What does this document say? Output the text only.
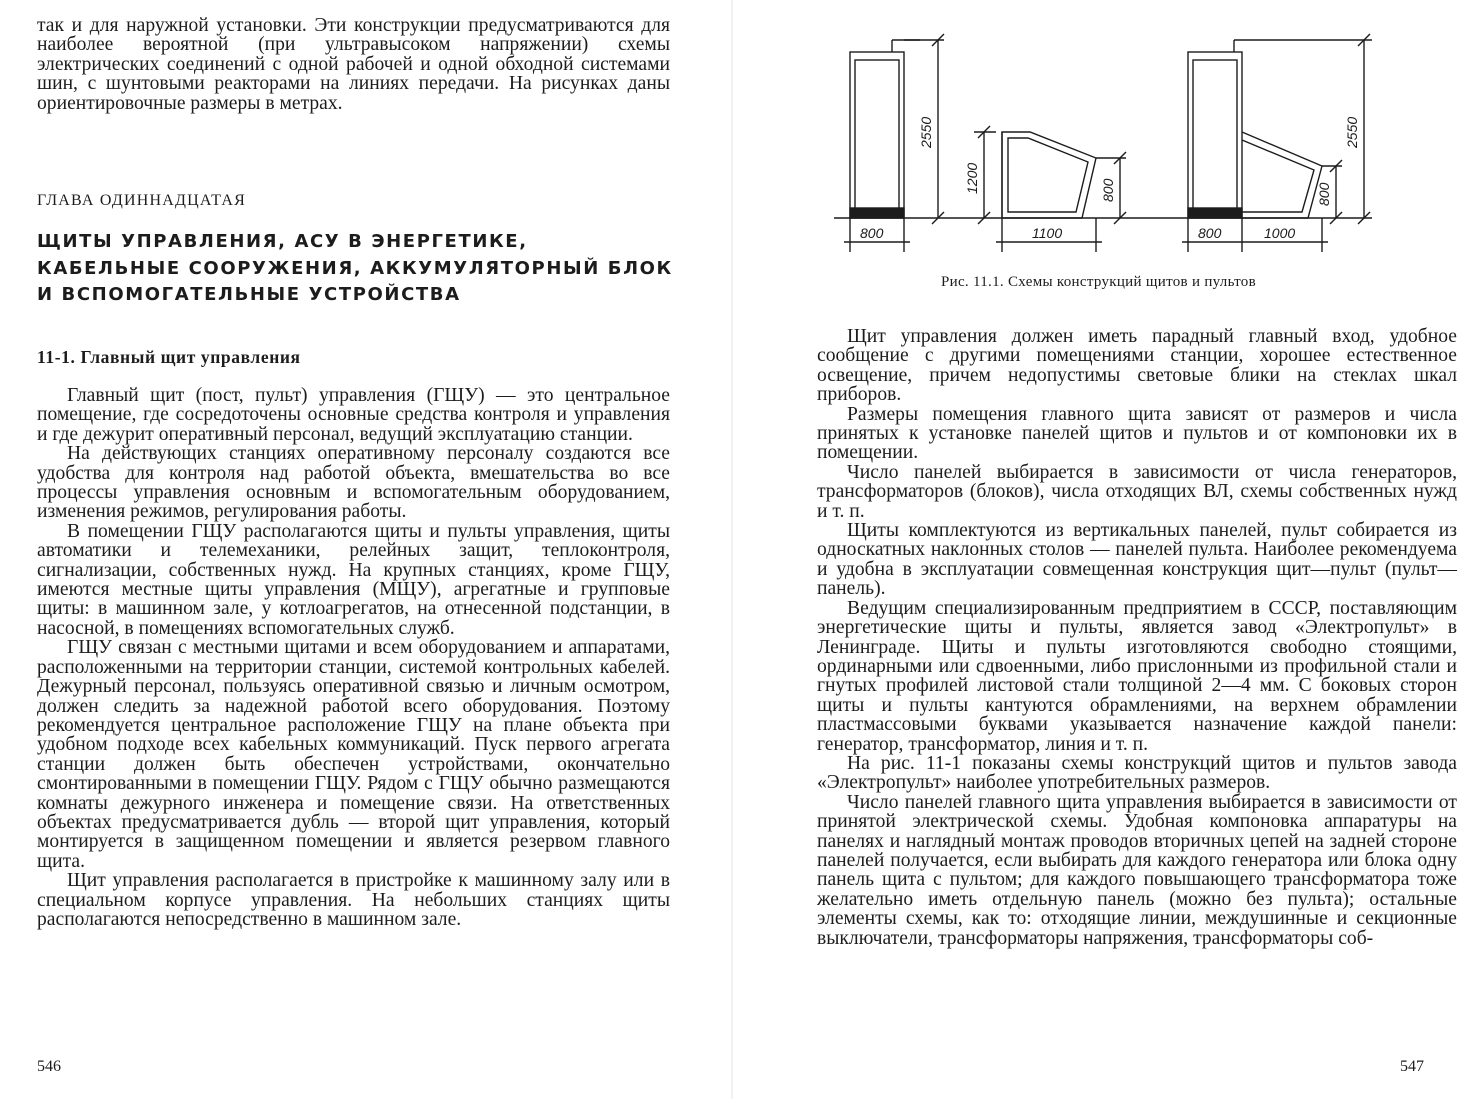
так и для наружной установки. Эти конструкции предусматриваются для наиболее вероятной (при ультравысоком напряжении) схемы электрических соединений с одной рабочей и одной обходной системами шин, с шунтовыми реакторами на линиях передачи. На рисунках даны ориентировочные размеры в метрах.

ГЛАВА ОДИННАДЦАТАЯ
ЩИТЫ УПРАВЛЕНИЯ, АСУ В ЭНЕРГЕТИКЕ, КАБЕЛЬНЫЕ СООРУЖЕНИЯ, АККУМУЛЯТОРНЫЙ БЛОК И ВСПОМОГАТЕЛЬНЫЕ УСТРОЙСТВА
11-1. Главный щит управления

Главный щит (пост, пульт) управления (ГЩУ) — это центральное помещение, где сосредоточены основные средства контроля и управления и где дежурит оперативный персонал, ведущий эксплуатацию станции.

На действующих станциях оперативному персоналу создаются все удобства для контроля над работой объекта, вмешательства во все процессы управления основным и вспомогательным оборудованием, изменения режимов, регулирования работы.

В помещении ГЩУ располагаются щиты и пульты управления, щиты автоматики и телемеханики, релейных защит, теплоконтроля, сигнализации, собственных нужд. На крупных станциях, кроме ГЩУ, имеются местные щиты управления (МЩУ), агрегатные и групповые щиты: в машинном зале, у котлоагрегатов, на отнесенной подстанции, в насосной, в помещениях вспомогательных служб.

ГЩУ связан с местными щитами и всем оборудованием и аппаратами, расположенными на территории станции, системой контрольных кабелей. Дежурный персонал, пользуясь оперативной связью и личным осмотром, должен следить за надежной работой всего оборудования. Поэтому рекомендуется центральное расположение ГЩУ на плане объекта при удобном подходе всех кабельных коммуникаций. Пуск первого агрегата станции должен быть обеспечен устройствами, окончательно смонтированными в помещении ГЩУ. Рядом с ГЩУ обычно размещаются комнаты дежурного инженера и помещение связи. На ответственных объектах предусматривается дубль — второй щит управления, который монтируется в защищенном помещении и является резервом главного щита.

Щит управления располагается в пристройке к машинному залу или в специальном корпусе управления. На небольших станциях щиты располагаются непосредственно в машинном зале.

546
800
2550
1200	800
1100
2550
800
800	1000
Рис. 11.1. Схемы конструкций щитов и пультов

Щит управления должен иметь парадный главный вход, удобное сообщение с другими помещениями станции, хорошее естественное освещение, причем недопустимы световые блики на стеклах шкал приборов.

Размеры помещения главного щита зависят от размеров и числа принятых к установке панелей щитов и пультов и от компоновки их в помещении.

Число панелей выбирается в зависимости от числа генераторов, трансформаторов (блоков), числа отходящих ВЛ, схемы собственных нужд и т. п.

Щиты комплектуются из вертикальных панелей, пульт собирается из односкатных наклонных столов — панелей пульта. Наиболее рекомендуема и удобна в эксплуатации совмещенная конструкция щит—пульт (пульт—панель).

Ведущим специализированным предприятием в СССР, поставляющим энергетические щиты и пульты, является завод «Электропульт» в Ленинграде. Щиты и пульты изготовляются свободно стоящими, ординарными или сдвоенными, либо прислонными из профильной стали и гнутых профилей листовой стали толщиной 2—4 мм. С боковых сторон щиты и пульты кантуются обрамлениями, на верхнем обрамлении пластмассовыми буквами указывается назначение каждой панели: генератор, трансформатор, линия и т. п.

На рис. 11-1 показаны схемы конструкций щитов и пультов завода «Электропульт» наиболее употребительных размеров.

Число панелей главного щита управления выбирается в зависимости от принятой электрической схемы. Удобная компоновка аппаратуры на панелях и наглядный монтаж проводов вторичных цепей на задней стороне панелей получается, если выбирать для каждого генератора или блока одну панель щита с пультом; для каждого повышающего трансформатора тоже желательно иметь отдельную панель (можно без пульта); остальные элементы схемы, как то: отходящие линии, междушинные и секционные выключатели, трансформаторы напряжения, трансформаторы соб-

547
